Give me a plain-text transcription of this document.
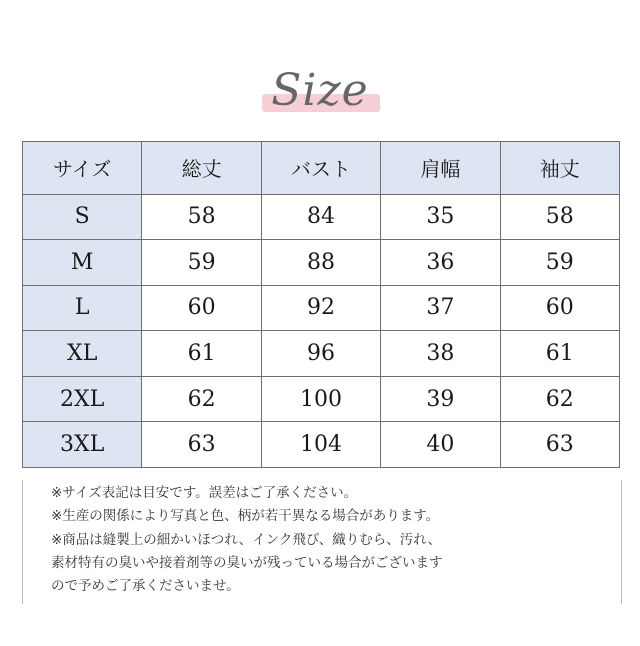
Size
サイズ	総丈	バスト	肩幅	袖丈
S	58	84	35	58
M	59	88	36	59
L	60	92	37	60
XL	61	96	38	61
2XL	62	100	39	62
3XL	63	104	40	63
※サイズ表記は目安です。誤差はご了承ください。
※生産の関係により写真と色、柄が若干異なる場合があります。
※商品は縫製上の細かいほつれ、インク飛び、織りむら、汚れ、
素材特有の臭いや接着剤等の臭いが残っている場合がございます
ので予めご了承くださいませ。
